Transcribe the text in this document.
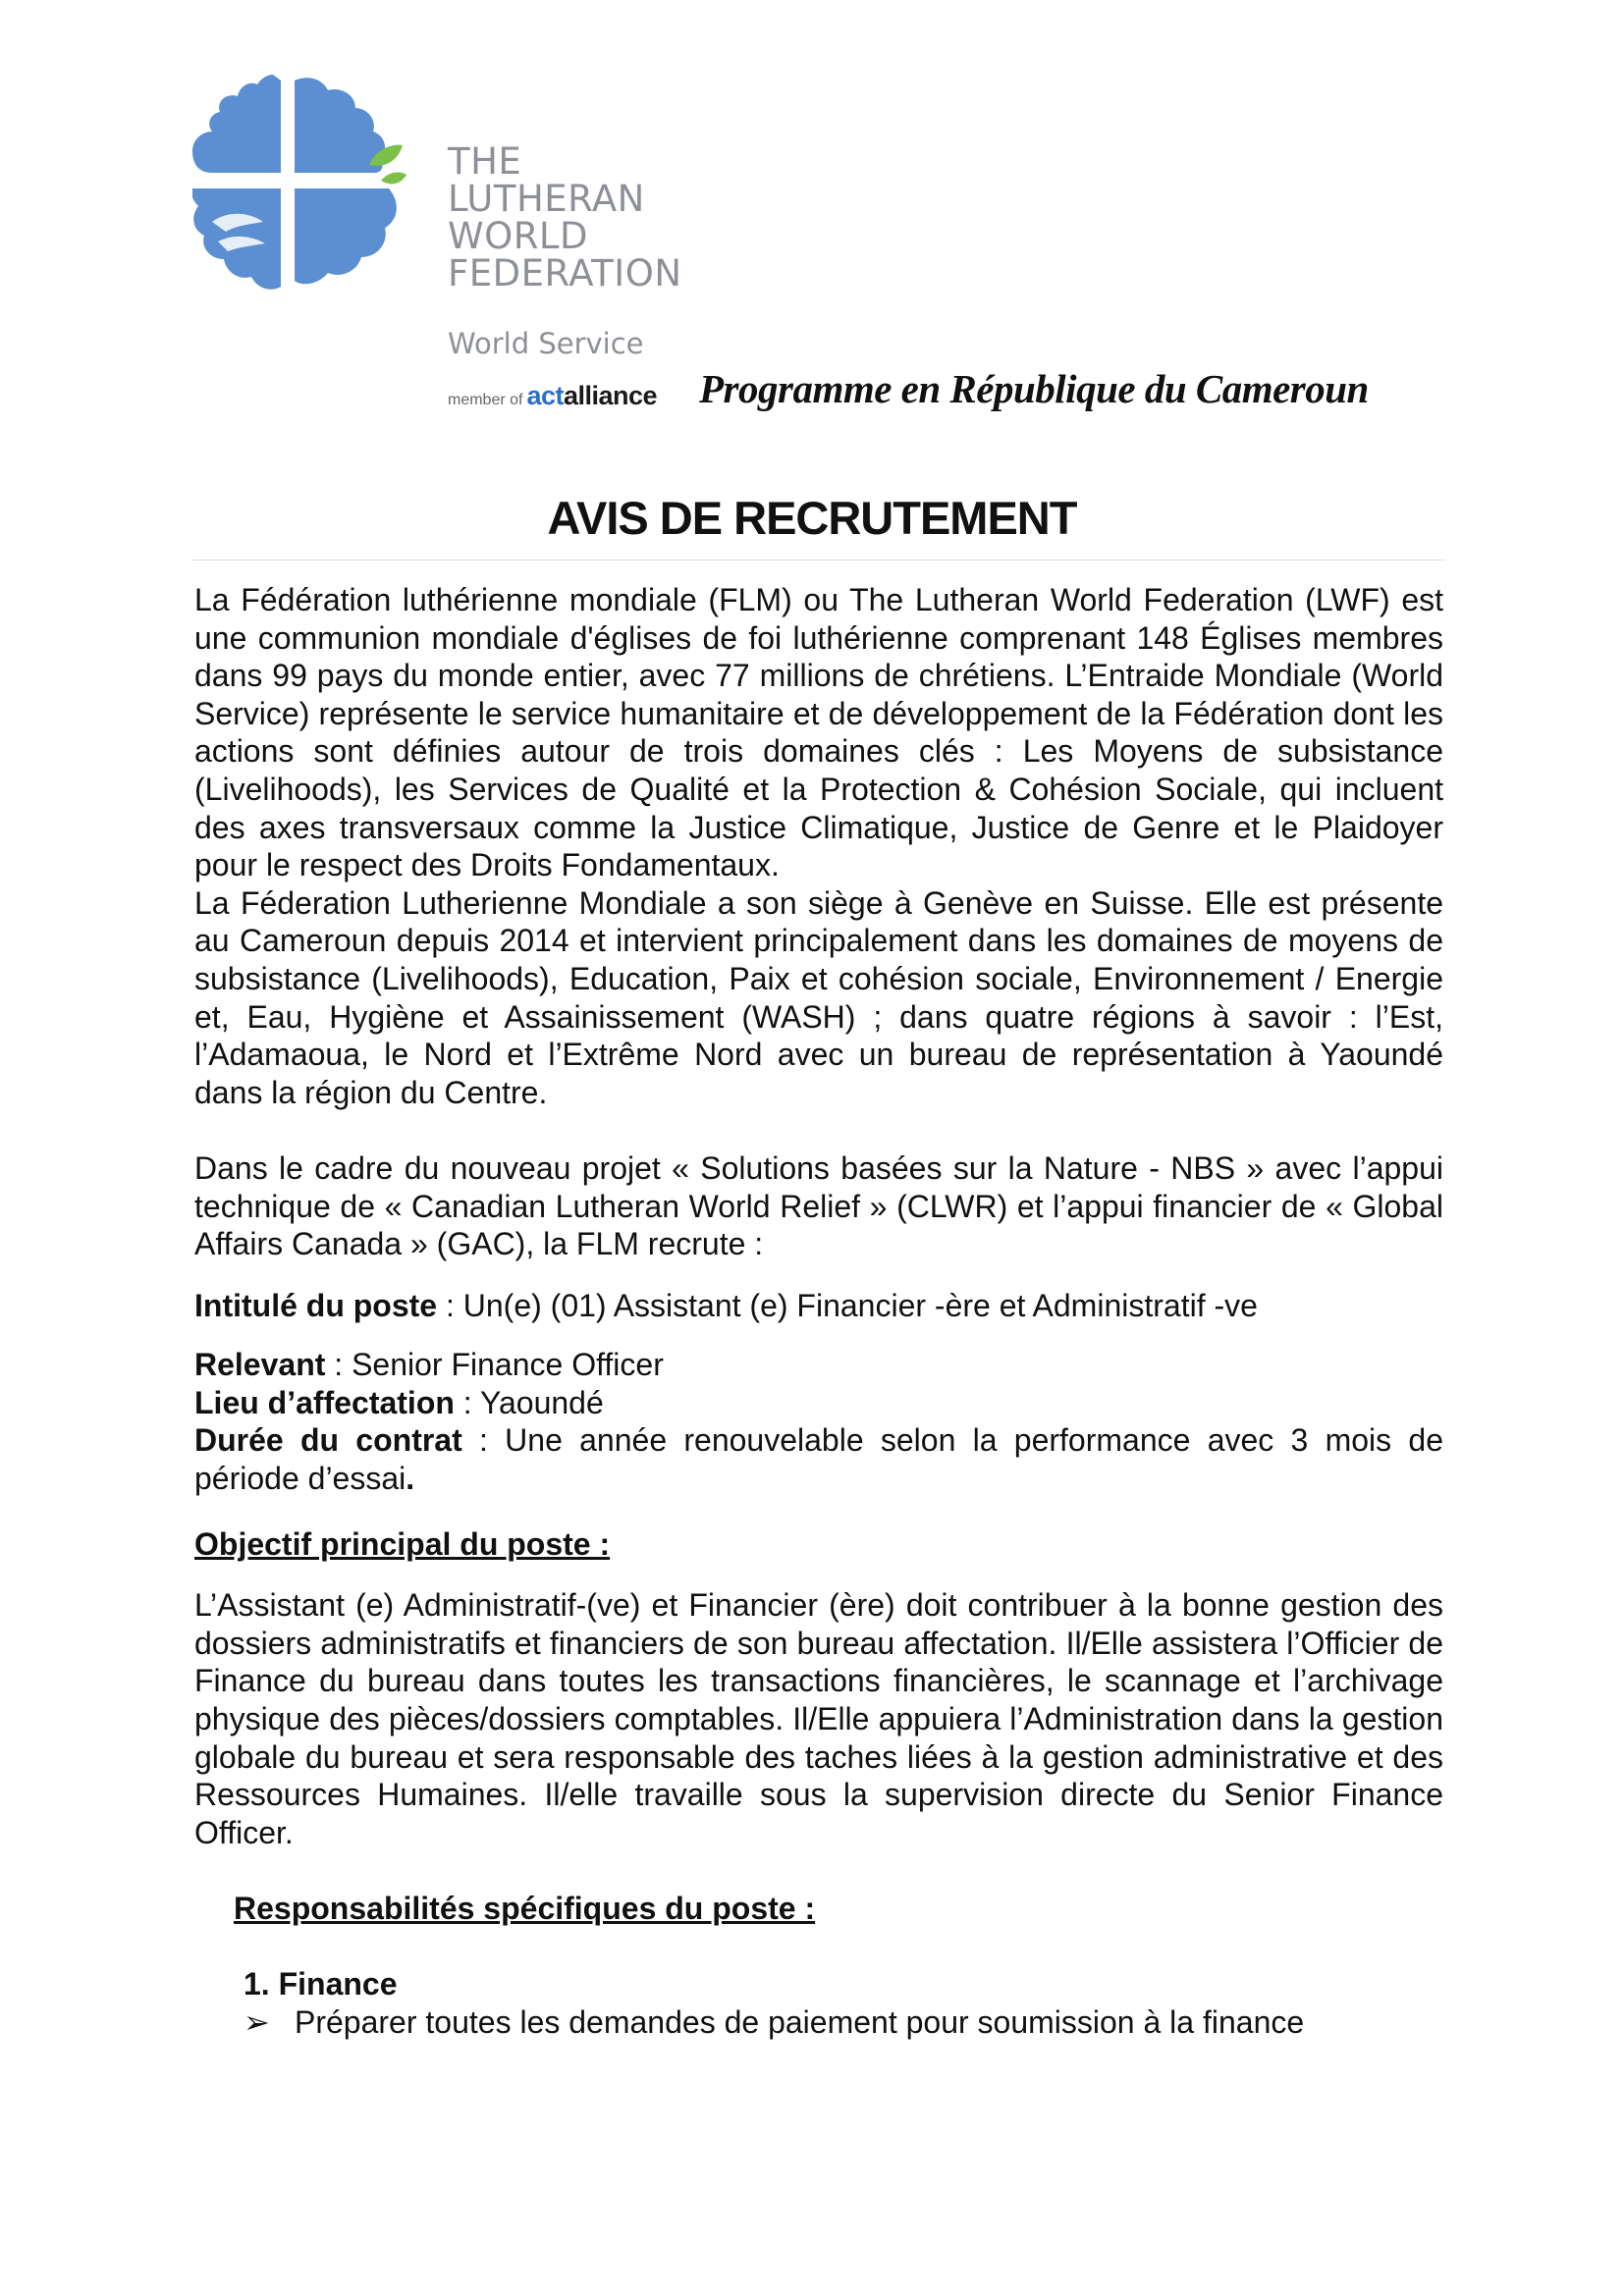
THE
LUTHERAN
WORLD
FEDERATION
World Service
member of actalliance Programme en République du Cameroun
AVIS DE RECRUTEMENT

La Fédération luthérienne mondiale (FLM) ou The Lutheran World Federation (LWF) est une communion mondiale d'églises de foi luthérienne comprenant 148 Églises membres dans 99 pays du monde entier, avec 77 millions de chrétiens. L’Entraide Mondiale (World Service) représente le service humanitaire et de développement de la Fédération dont les actions sont définies autour de trois domaines clés : Les Moyens de subsistance (Livelihoods), les Services de Qualité et la Protection & Cohésion Sociale, qui incluent des axes transversaux comme la Justice Climatique, Justice de Genre et le Plaidoyer pour le respect des Droits Fondamentaux.

La Féderation Lutherienne Mondiale a son siège à Genève en Suisse. Elle est présente au Cameroun depuis 2014 et intervient principalement dans les domaines de moyens de subsistance (Livelihoods), Education, Paix et cohésion sociale, Environnement / Energie et, Eau, Hygiène et Assainissement (WASH) ; dans quatre régions à savoir : l’Est, l’Adamaoua, le Nord et l’Extrême Nord avec un bureau de représentation à Yaoundé dans la région du Centre.

Dans le cadre du nouveau projet « Solutions basées sur la Nature - NBS » avec l’appui technique de « Canadian Lutheran World Relief » (CLWR) et l’appui financier de « Global Affairs Canada » (GAC), la FLM recrute :

Intitulé du poste : Un(e) (01) Assistant (e) Financier -ère et Administratif -ve

Relevant : Senior Finance Officer

Lieu d’affectation : Yaoundé

Durée du contrat : Une année renouvelable selon la performance avec 3 mois de période d’essai.

Objectif principal du poste :

L’Assistant (e) Administratif-(ve) et Financier (ère) doit contribuer à la bonne gestion des dossiers administratifs et financiers de son bureau affectation. Il/Elle assistera l’Officier de Finance du bureau dans toutes les transactions financières, le scannage et l’archivage physique des pièces/dossiers comptables. Il/Elle appuiera l’Administration dans la gestion globale du bureau et sera responsable des taches liées à la gestion administrative et des Ressources Humaines. Il/elle travaille sous la supervision directe du Senior Finance Officer.

Responsabilités spécifiques du poste :

1. Finance

➢ Préparer toutes les demandes de paiement pour soumission à la finance
